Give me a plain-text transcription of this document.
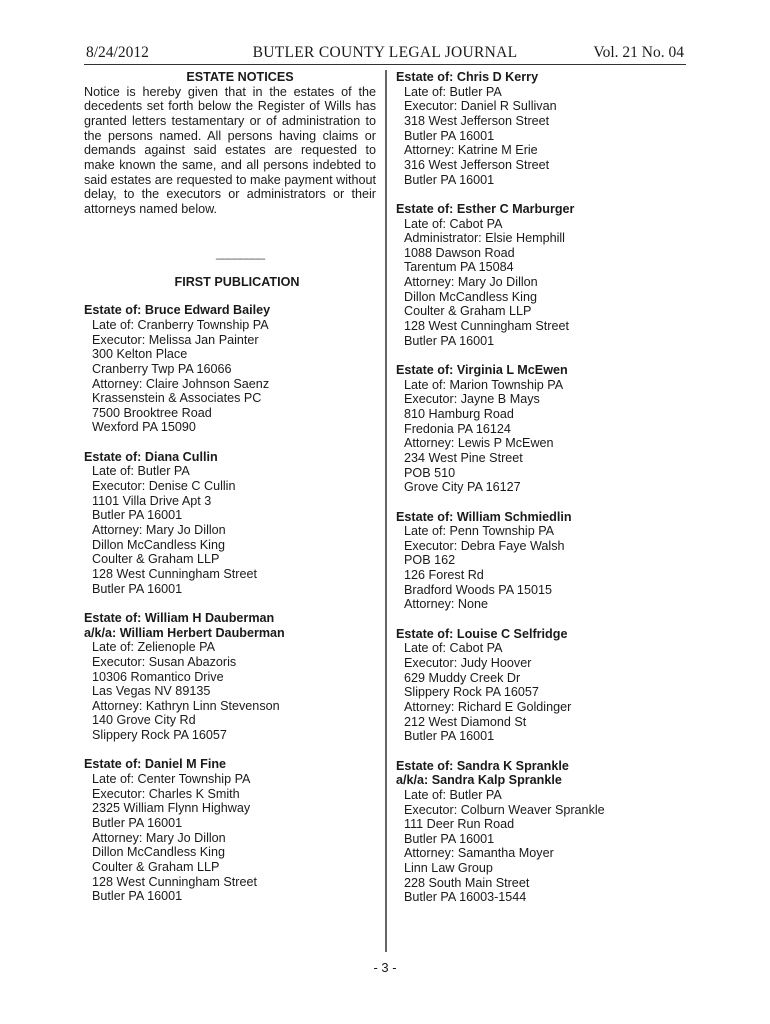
8/24/2012	BUTLER COUNTY LEGAL JOURNAL	Vol. 21 No. 04
ESTATE NOTICES
Notice is hereby given that in the estates of the decedents set forth below the Register of Wills has granted letters testamentary or of administration to the persons named. All persons having claims or demands against said estates are requested to make known the same, and all persons indebted to said estates are requested to make payment without delay, to the executors or administrators or their attorneys named below.
________
FIRST PUBLICATION
Estate of: Bruce Edward Bailey
Late of: Cranberry Township PA
Executor: Melissa Jan Painter
300 Kelton Place
Cranberry Twp PA 16066
Attorney: Claire Johnson Saenz
Krassenstein & Associates PC
7500 Brooktree Road
Wexford PA 15090
Estate of: Diana Cullin
Late of: Butler PA
Executor: Denise C Cullin
1101 Villa Drive Apt 3
Butler PA 16001
Attorney: Mary Jo Dillon
Dillon McCandless King
Coulter & Graham LLP
128 West Cunningham Street
Butler PA 16001
Estate of: William H Dauberman
a/k/a: William Herbert Dauberman
Late of: Zelienople PA
Executor: Susan Abazoris
10306 Romantico Drive
Las Vegas NV 89135
Attorney: Kathryn Linn Stevenson
140 Grove City Rd
Slippery Rock PA 16057
Estate of: Daniel M Fine
Late of: Center Township PA
Executor: Charles K Smith
2325 William Flynn Highway
Butler PA 16001
Attorney: Mary Jo Dillon
Dillon McCandless King
Coulter & Graham LLP
128 West Cunningham Street
Butler PA 16001
Estate of: Chris D Kerry
Late of: Butler PA
Executor: Daniel R Sullivan
318 West Jefferson Street
Butler PA 16001
Attorney: Katrine M Erie
316 West Jefferson Street
Butler PA 16001
Estate of: Esther C Marburger
Late of: Cabot PA
Administrator: Elsie Hemphill
1088 Dawson Road
Tarentum PA 15084
Attorney: Mary Jo Dillon
Dillon McCandless King
Coulter & Graham LLP
128 West Cunningham Street
Butler PA 16001
Estate of: Virginia L McEwen
Late of: Marion Township PA
Executor: Jayne B Mays
810 Hamburg Road
Fredonia PA 16124
Attorney: Lewis P McEwen
234 West Pine Street
POB 510
Grove City PA 16127
Estate of: William Schmiedlin
Late of: Penn Township PA
Executor: Debra Faye Walsh
POB 162
126 Forest Rd
Bradford Woods PA 15015
Attorney: None
Estate of: Louise C Selfridge
Late of: Cabot PA
Executor: Judy Hoover
629 Muddy Creek Dr
Slippery Rock PA 16057
Attorney: Richard E Goldinger
212 West Diamond St
Butler PA 16001
Estate of: Sandra K Sprankle
a/k/a: Sandra Kalp Sprankle
Late of: Butler PA
Executor: Colburn Weaver Sprankle
111 Deer Run Road
Butler PA 16001
Attorney: Samantha Moyer
Linn Law Group
228 South Main Street
Butler PA 16003-1544
- 3 -
